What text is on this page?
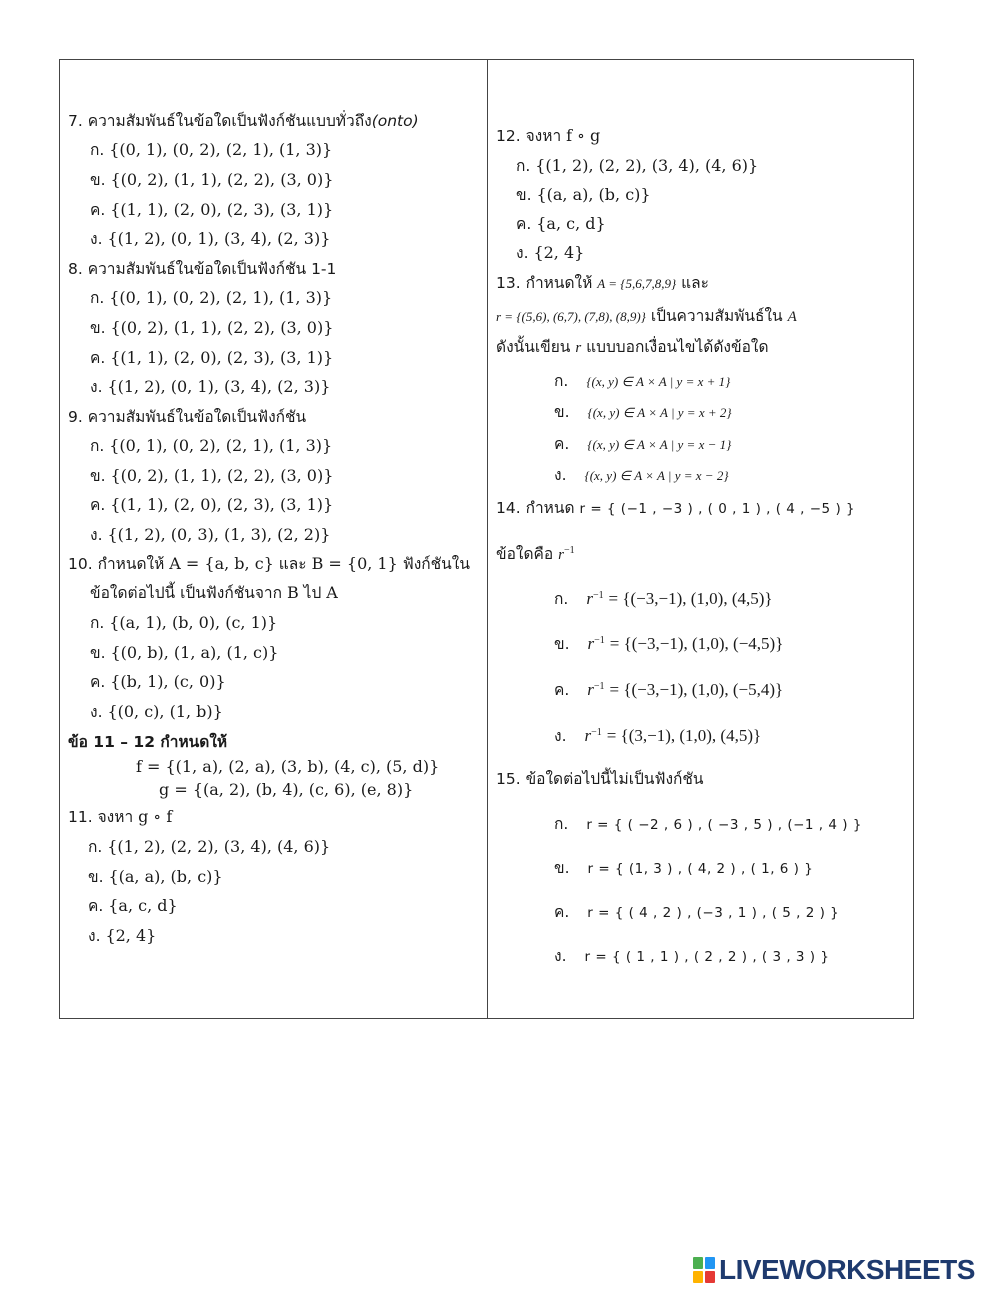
7. ความสัมพันธ์ในข้อใดเป็นฟังก์ชันแบบทั่วถึง(onto)
ก. {(0, 1), (0, 2), (2, 1), (1, 3)}
ข. {(0, 2), (1, 1), (2, 2), (3, 0)}
ค. {(1, 1), (2, 0), (2, 3), (3, 1)}
ง. {(1, 2), (0, 1), (3, 4), (2, 3)}
8. ความสัมพันธ์ในข้อใดเป็นฟังก์ชัน 1-1
ก. {(0, 1), (0, 2), (2, 1), (1, 3)}
ข. {(0, 2), (1, 1), (2, 2), (3, 0)}
ค. {(1, 1), (2, 0), (2, 3), (3, 1)}
ง. {(1, 2), (0, 1), (3, 4), (2, 3)}
9. ความสัมพันธ์ในข้อใดเป็นฟังก์ชัน
ก. {(0, 1), (0, 2), (2, 1), (1, 3)}
ข. {(0, 2), (1, 1), (2, 2), (3, 0)}
ค. {(1, 1), (2, 0), (2, 3), (3, 1)}
ง. {(1, 2), (0, 3), (1, 3), (2, 2)}
10. กำหนดให้ A = {a, b, c} และ B = {0, 1} ฟังก์ชันใน
ข้อใดต่อไปนี้ เป็นฟังก์ชันจาก B ไป A
ก. {(a, 1), (b, 0), (c, 1)}
ข. {(0, b), (1, a), (1, c)}
ค. {(b, 1), (c, 0)}
ง. {(0, c), (1, b)}
ข้อ 11 – 12 กำหนดให้
f = {(1, a), (2, a), (3, b), (4, c), (5, d)}
g = {(a, 2), (b, 4), (c, 6), (e, 8)}
11. จงหา g ∘ f
ก. {(1, 2), (2, 2), (3, 4), (4, 6)}
ข. {(a, a), (b, c)}
ค. {a, c, d}
ง. {2, 4}
12. จงหา f ∘ g
ก. {(1, 2), (2, 2), (3, 4), (4, 6)}
ข. {(a, a), (b, c)}
ค. {a, c, d}
ง. {2, 4}
13. กำหนดให้ A = {5,6,7,8,9} และ
r = {(5,6), (6,7), (7,8), (8,9)} เป็นความสัมพันธ์ใน A
ดังนั้นเขียน r แบบบอกเงื่อนไขได้ดังข้อใด
ก. {(x, y) ∈ A × A | y = x + 1}
ข. {(x, y) ∈ A × A | y = x + 2}
ค. {(x, y) ∈ A × A | y = x − 1}
ง. {(x, y) ∈ A × A | y = x − 2}
14. กำหนด r = { (−1 , −3 ) , ( 0 , 1 ) , ( 4 , −5 ) }
ข้อใดคือ $r^{-1}$
ก. $r^{-1} = \{(-3,-1)$, (1,0), (4,5)}
ข. $r^{-1} = \{(-3,-1)$, (1,0), (−4,5)}
ค. $r^{-1} = \{(-3,-1)$, (1,0), (−5,4)}
ง. $r^{-1} = \{(3,-1)$, (1,0), (4,5)}
15. ข้อใดต่อไปนี้ไม่เป็นฟังก์ชัน
ก. r = { ( −2 , 6 ) , ( −3 , 5 ) , (−1 , 4 ) }
ข. r = { (1, 3 ) , ( 4, 2 ) , ( 1, 6 ) }
ค. r = { ( 4 , 2 ) , (−3 , 1 ) , ( 5 , 2 ) }
ง. r = { ( 1 , 1 ) , ( 2 , 2 ) , ( 3 , 3 ) }
LIVEWORKSHEETS
